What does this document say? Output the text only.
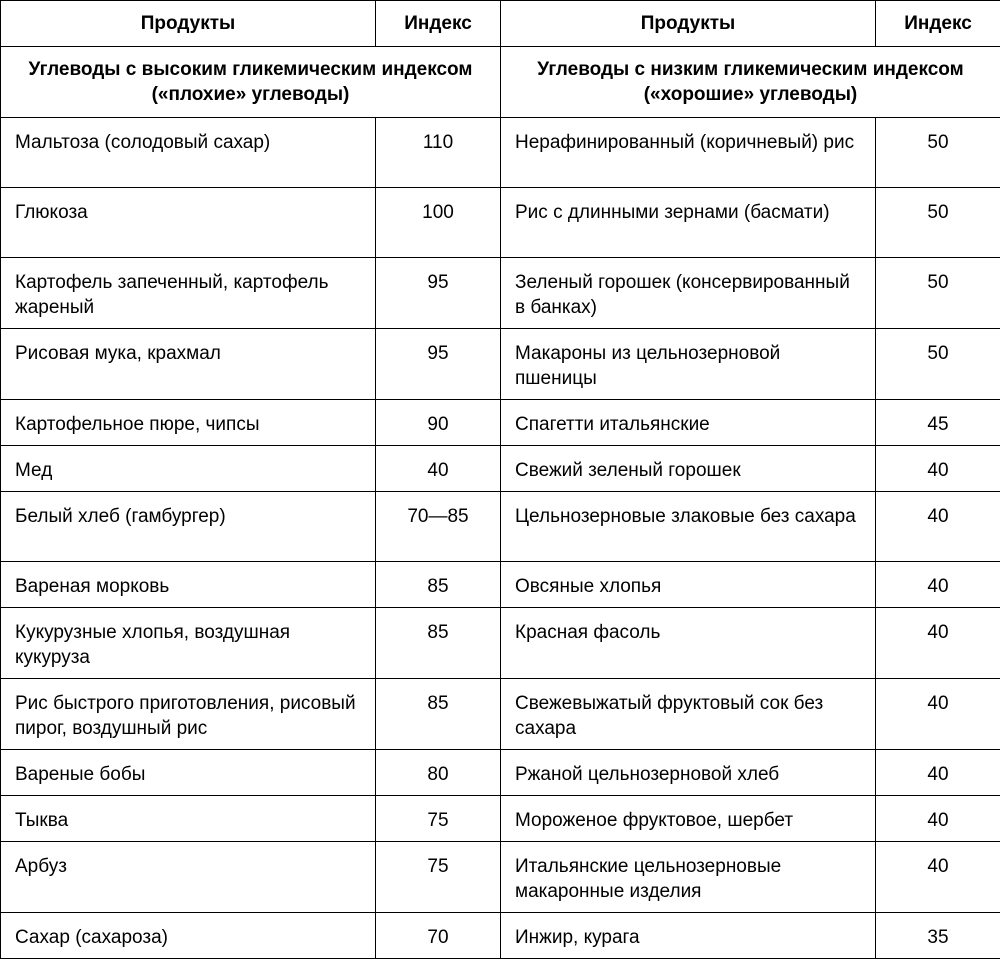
Продукты	Индекс	Продукты	Индекс
Углеводы с высоким гликемическим индексом («плохие» углеводы)		Углеводы с низким гликемическим индексом («хорошие» углеводы)	
Мальтоза (солодовый сахар)	110	Нерафинированный (коричневый) рис	50
Глюкоза	100	Рис с длинными зернами (басмати)	50
Картофель запеченный, картофель жареный	95	Зеленый горошек (консервированный в банках)	50
Рисовая мука, крахмал	95	Макароны из цельнозерновой пшеницы	50
Картофельное пюре, чипсы	90	Спагетти итальянские	45
Мед	40	Свежий зеленый горошек	40
Белый хлеб (гамбургер)	70—85	Цельнозерновые злаковые без сахара	40
Вареная морковь	85	Овсяные хлопья	40
Кукурузные хлопья, воздушная кукуруза	85	Красная фасоль	40
Рис быстрого приготовления, рисовый пирог, воздушный рис	85	Свежевыжатый фруктовый сок без сахара	40
Вареные бобы	80	Ржаной цельнозерновой хлеб	40
Тыква	75	Мороженое фруктовое, шербет	40
Арбуз	75	Итальянские цельнозерновые макаронные изделия	40
Сахар (сахароза)	70	Инжир, курага	35
